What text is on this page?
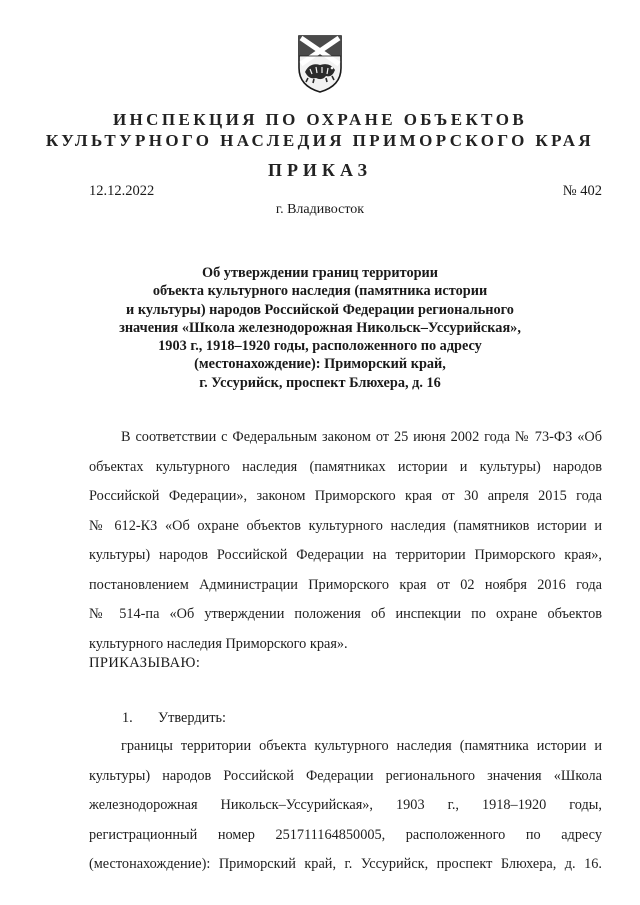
ИНСПЕКЦИЯ ПО ОХРАНЕ ОБЪЕКТОВ
КУЛЬТУРНОГО НАСЛЕДИЯ ПРИМОРСКОГО КРАЯ
ПРИКАЗ
12.12.2022	№ 402
г. Владивосток
Об утверждении границ территории
объекта культурного наследия (памятника истории
и культуры) народов Российской Федерации регионального
значения «Школа железнодорожная Никольск–Уссурийская»,
1903 г., 1918–1920 годы, расположенного по адресу
(местонахождение): Приморский край,
г. Уссурийск, проспект Блюхера, д. 16
В соответствии с Федеральным законом от 25 июня 2002 года № 73-ФЗ «Об
объектах культурного наследия (памятниках истории и культуры) народов
Российской Федерации», законом Приморского края от 30 апреля 2015 года
№ 612-КЗ «Об охране объектов культурного наследия (памятников истории и
культуры) народов Российской Федерации на территории Приморского края»,
постановлением Администрации Приморского края от 02 ноября 2016 года
№ 514-па «Об утверждении положения об инспекции по охране объектов
культурного наследия Приморского края».
ПРИКАЗЫВАЮ:
1. Утвердить:
границы территории объекта культурного наследия (памятника истории и
культуры) народов Российской Федерации регионального значения «Школа
железнодорожная Никольск–Уссурийская», 1903 г., 1918–1920 годы,
регистрационный номер 251711164850005, расположенного по адресу
(местонахождение): Приморский край, г. Уссурийск, проспект Блюхера, д. 16.
